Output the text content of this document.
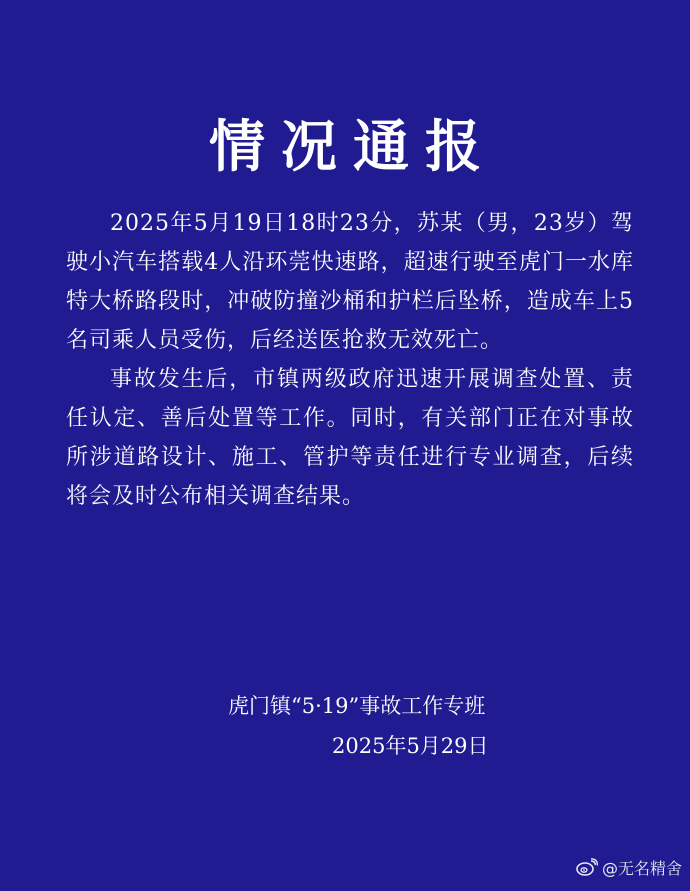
情况通报

2025年5月19日18时23分，苏某（男，23岁）驾驶小汽车搭载4人沿环莞快速路，超速行驶至虎门一水库特大桥路段时，冲破防撞沙桶和护栏后坠桥，造成车上5名司乘人员受伤，后经送医抢救无效死亡。

事故发生后，市镇两级政府迅速开展调查处置、责任认定、善后处置等工作。同时，有关部门正在对事故所涉道路设计、施工、管护等责任进行专业调查，后续将会及时公布相关调查结果。

虎门镇“5·19”事故工作专班
2025年5月29日
@无名精舍
